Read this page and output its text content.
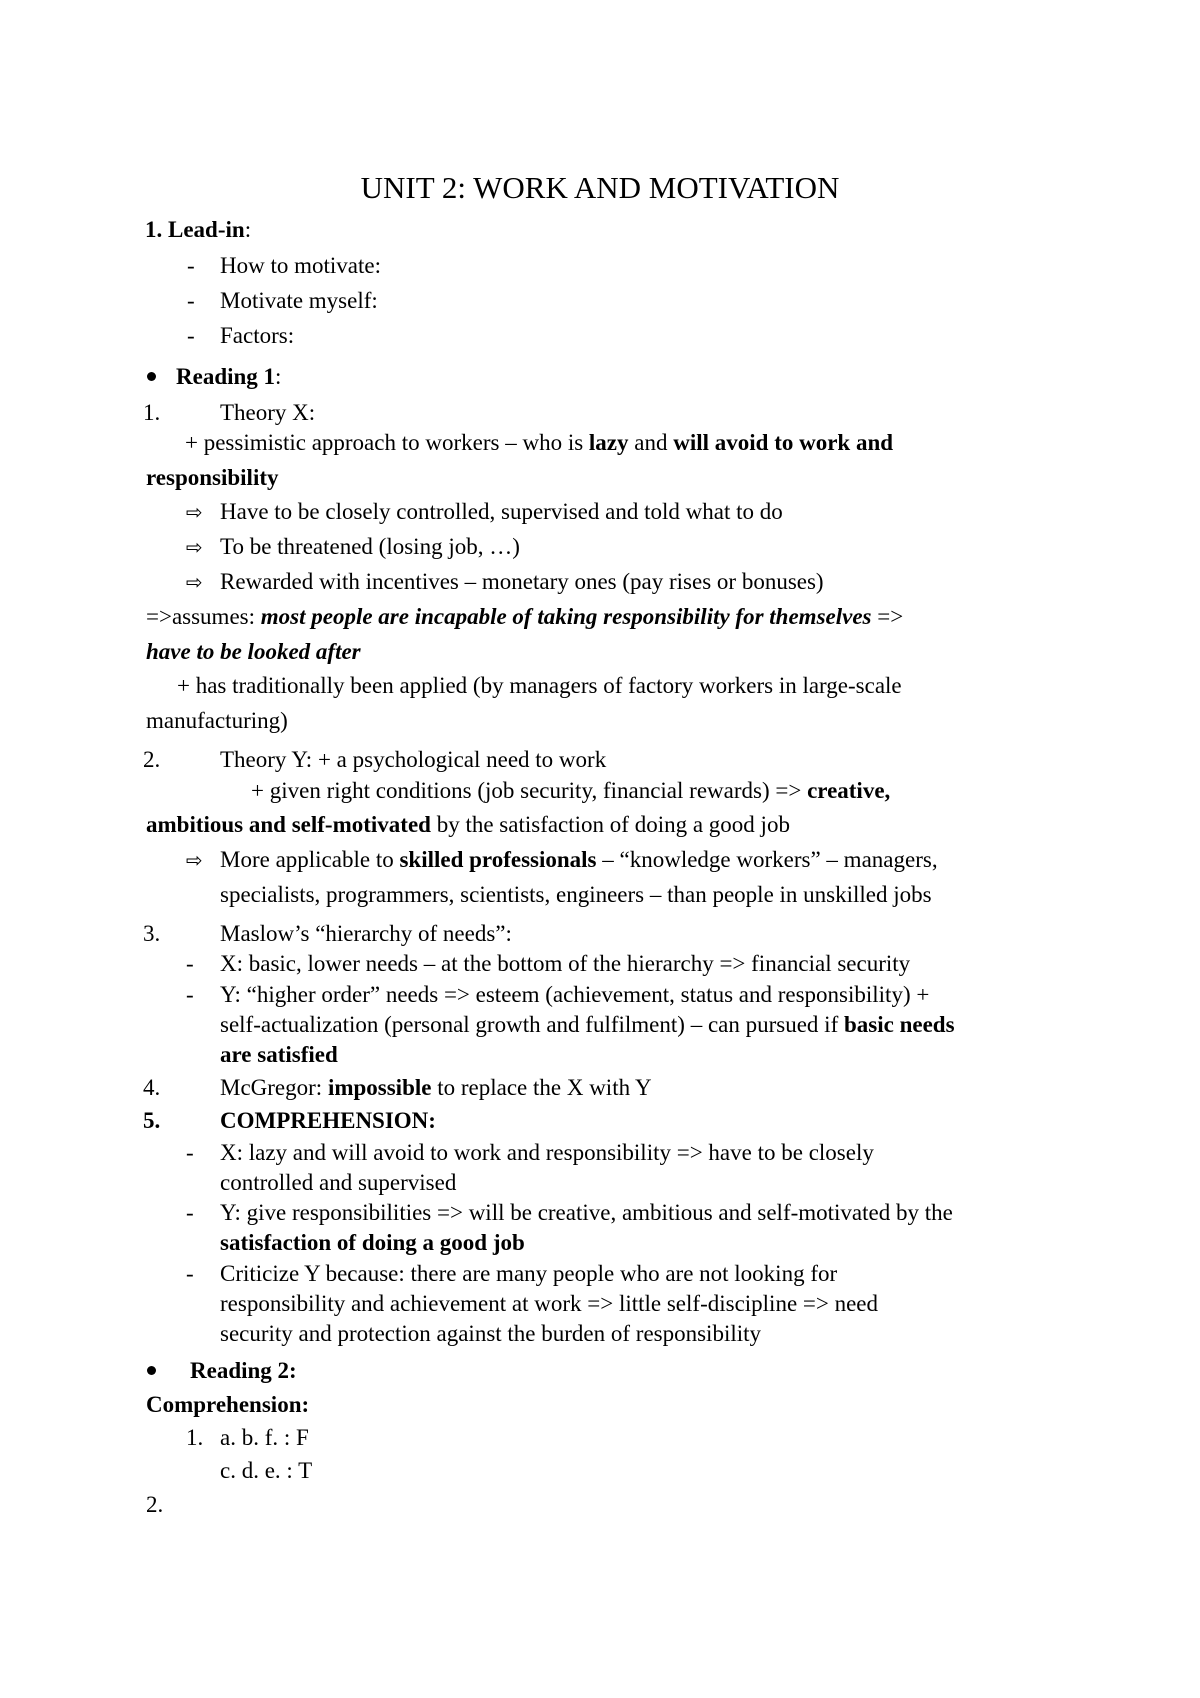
UNIT 2: WORK AND MOTIVATION
1. Lead-in:
- How to motivate:
- Motivate myself:
- Factors:
Reading 1:
1.	Theory X:
+ pessimistic approach to workers – who is lazy and will avoid to work and
responsibility
⇨ Have to be closely controlled, supervised and told what to do
⇨ To be threatened (losing job, …)
⇨ Rewarded with incentives – monetary ones (pay rises or bonuses)
=>assumes: most people are incapable of taking responsibility for themselves =>
have to be looked after
+ has traditionally been applied (by managers of factory workers in large-scale
manufacturing)
2.	Theory Y: + a psychological need to work
+ given right conditions (job security, financial rewards) => creative,
ambitious and self-motivated by the satisfaction of doing a good job
⇨ More applicable to skilled professionals – “knowledge workers” – managers,
specialists, programmers, scientists, engineers – than people in unskilled jobs
3.	Maslow’s “hierarchy of needs”:
- X: basic, lower needs – at the bottom of the hierarchy => financial security
- Y: “higher order” needs => esteem (achievement, status and responsibility) +
self-actualization (personal growth and fulfilment) – can pursued if basic needs
are satisfied
4.	McGregor: impossible to replace the X with Y
5.	COMPREHENSION:
- X: lazy and will avoid to work and responsibility => have to be closely
controlled and supervised
- Y: give responsibilities => will be creative, ambitious and self-motivated by the
satisfaction of doing a good job
- Criticize Y because: there are many people who are not looking for
responsibility and achievement at work => little self-discipline => need
security and protection against the burden of responsibility
Reading 2:
Comprehension:
1. a. b. f. : F
c. d. e. : T
2.
